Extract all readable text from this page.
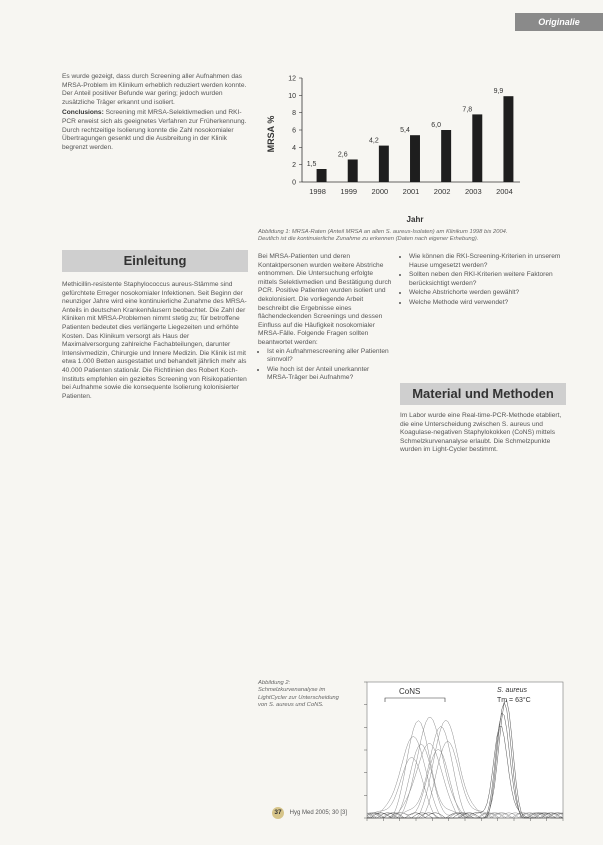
Originalie

Es wurde gezeigt, dass durch Screening aller Aufnahmen das MRSA-Problem im Klinikum erheblich reduziert werden konnte. Der Anteil positiver Befunde war gering; jedoch wurden zusätzliche Träger erkannt und isoliert.

Conclusions: Screening mit MRSA-Selektivmedien und RKI-PCR erweist sich als geeignetes Verfahren zur Früherkennung. Durch rechtzeitige Isolierung konnte die Zahl nosokomialer Übertragungen gesenkt und die Ausbreitung in der Klinik begrenzt werden.	MRSA %
0
2
4
6
8
10
12
1,5
1998
2,6
1999
4,2
2000
5,4
2001
6,0
2002
7,8
2003
9,9
2004
Jahr
Abbildung 1: MRSA-Raten (Anteil MRSA an allen S. aureus-Isolaten) am Klinikum 1998 bis 2004. Deutlich ist die kontinuierliche Zunahme zu erkennen (Daten nach eigener Erhebung).
Einleitung
Material und Methoden

Methicillin-resistente Staphylococcus aureus-Stämme sind gefürchtete Erreger nosokomialer Infektionen. Seit Beginn der neunziger Jahre wird eine kontinuierliche Zunahme des MRSA-Anteils in deutschen Krankenhäusern beobachtet. Die Zahl der Kliniken mit MRSA-Problemen nimmt stetig zu; für betroffene Patienten bedeutet dies verlängerte Liegezeiten und erhöhte Kosten. Das Klinikum versorgt als Haus der Maximalversorgung zahlreiche Fachabteilungen, darunter Intensivmedizin, Chirurgie und Innere Medizin. Die Klinik ist mit etwa 1.000 Betten ausgestattet und behandelt jährlich mehr als 40.000 Patienten stationär. Die Richtlinien des Robert Koch-Instituts empfehlen ein gezieltes Screening von Risikopatienten bei Aufnahme sowie die konsequente Isolierung kolonisierter Patienten.

Bei MRSA-Patienten und deren Kontaktpersonen wurden weitere Abstriche entnommen. Die Untersuchung erfolgte mittels Selektivmedien und Bestätigung durch PCR. Positive Patienten wurden isoliert und dekolonisiert. Die vorliegende Arbeit beschreibt die Ergebnisse eines flächendeckenden Screenings und dessen Einfluss auf die Häufigkeit nosokomialer MRSA-Fälle. Folgende Fragen sollten beantwortet werden:

• Ist ein Aufnahmescreening aller Patienten sinnvoll?
• Wie hoch ist der Anteil unerkannter MRSA-Träger bei Aufnahme?
• Wie können die RKI-Screening-Kriterien in unserem Hause umgesetzt werden?
• Sollten neben den RKI-Kriterien weitere Faktoren berücksichtigt werden?
• Welche Abstrichorte werden gewählt?
• Welche Methode wird verwendet?

Im Labor wurde eine Real-time-PCR-Methode etabliert, die eine Unterscheidung zwischen S. aureus und Koagulase-negativen Staphylokokken (CoNS) mittels Schmelzkurvenanalyse erlaubt. Die Schmelzpunkte wurden im Light-Cycler bestimmt.

Abbildung 2: Schmelzkurvenanalyse im LightCycler zur Unterscheidung von S. aureus und CoNS.
CoNS	S. aureus
Tm = 63°C
37 Hyg Med 2005; 30 [3]
